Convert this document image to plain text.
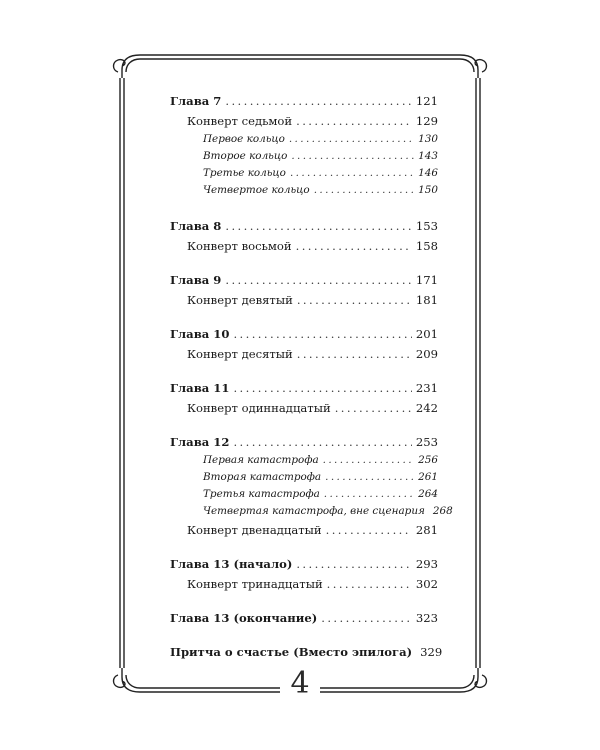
Глава 7 .....	121
Конверт седьмой .....	129
Первое кольцо .....	130
Второе кольцо .....	143
Третье кольцо .....	146
Четвертое кольцо .....	150
Глава 8 .....	153
Конверт восьмой .....	158
Глава 9 .....	171
Конверт девятый .....	181
Глава 10 .....	201
Конверт десятый .....	209
Глава 11 .....	231
Конверт одиннадцатый .....	242
Глава 12 .....	253
Первая катастрофа .....	256
Вторая катастрофа .....	261
Третья катастрофа .....	264
Четвертая катастрофа, вне сценария 268
Конверт двенадцатый .....	281
Глава 13 (начало) .....	293
Конверт тринадцатый .....	302
Глава 13 (окончание) .....	323
Притча о счастье (Вместо эпилога) 329
4
